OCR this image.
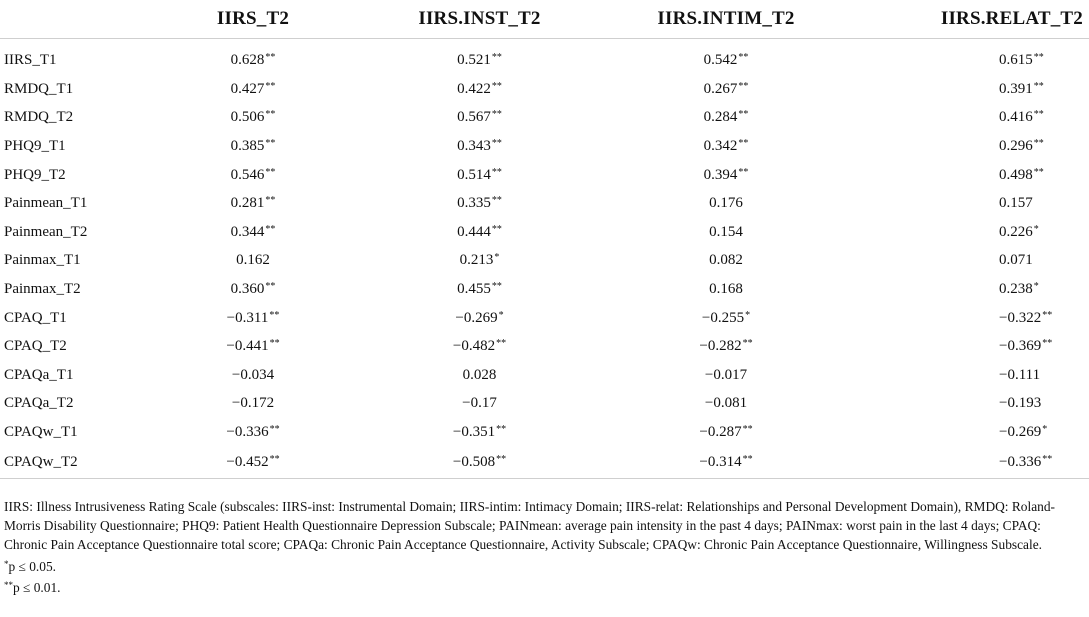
	IIRS_T2	IIRS.INST_T2	IIRS.INTIM_T2	IIRS.RELAT_T2
IIRS_T1	0.628**	0.521**	0.542**	0.615**
RMDQ_T1	0.427**	0.422**	0.267**	0.391**
RMDQ_T2	0.506**	0.567**	0.284**	0.416**
PHQ9_T1	0.385**	0.343**	0.342**	0.296**
PHQ9_T2	0.546**	0.514**	0.394**	0.498**
Painmean_T1	0.281**	0.335**	0.176	0.157
Painmean_T2	0.344**	0.444**	0.154	0.226*
Painmax_T1	0.162	0.213*	0.082	0.071
Painmax_T2	0.360**	0.455**	0.168	0.238*
CPAQ_T1	−0.311**	−0.269*	−0.255*	−0.322**
CPAQ_T2	−0.441**	−0.482**	−0.282**	−0.369**
CPAQa_T1	−0.034	0.028	−0.017	−0.111
CPAQa_T2	−0.172	−0.17	−0.081	−0.193
CPAQw_T1	−0.336**	−0.351**	−0.287**	−0.269*
CPAQw_T2	−0.452**	−0.508**	−0.314**	−0.336**

IIRS: Illness Intrusiveness Rating Scale (subscales: IIRS-inst: Instrumental Domain; IIRS-intim: Intimacy Domain; IIRS-relat: Relationships and Personal Development Domain), RMDQ: Roland-Morris Disability Questionnaire; PHQ9: Patient Health Questionnaire Depression Subscale; PAINmean: average pain intensity in the past 4 days; PAINmax: worst pain in the last 4 days; CPAQ: Chronic Pain Acceptance Questionnaire total score; CPAQa: Chronic Pain Acceptance Questionnaire, Activity Subscale; CPAQw: Chronic Pain Acceptance Questionnaire, Willingness Subscale.

*p ≤ 0.05.

**p ≤ 0.01.
